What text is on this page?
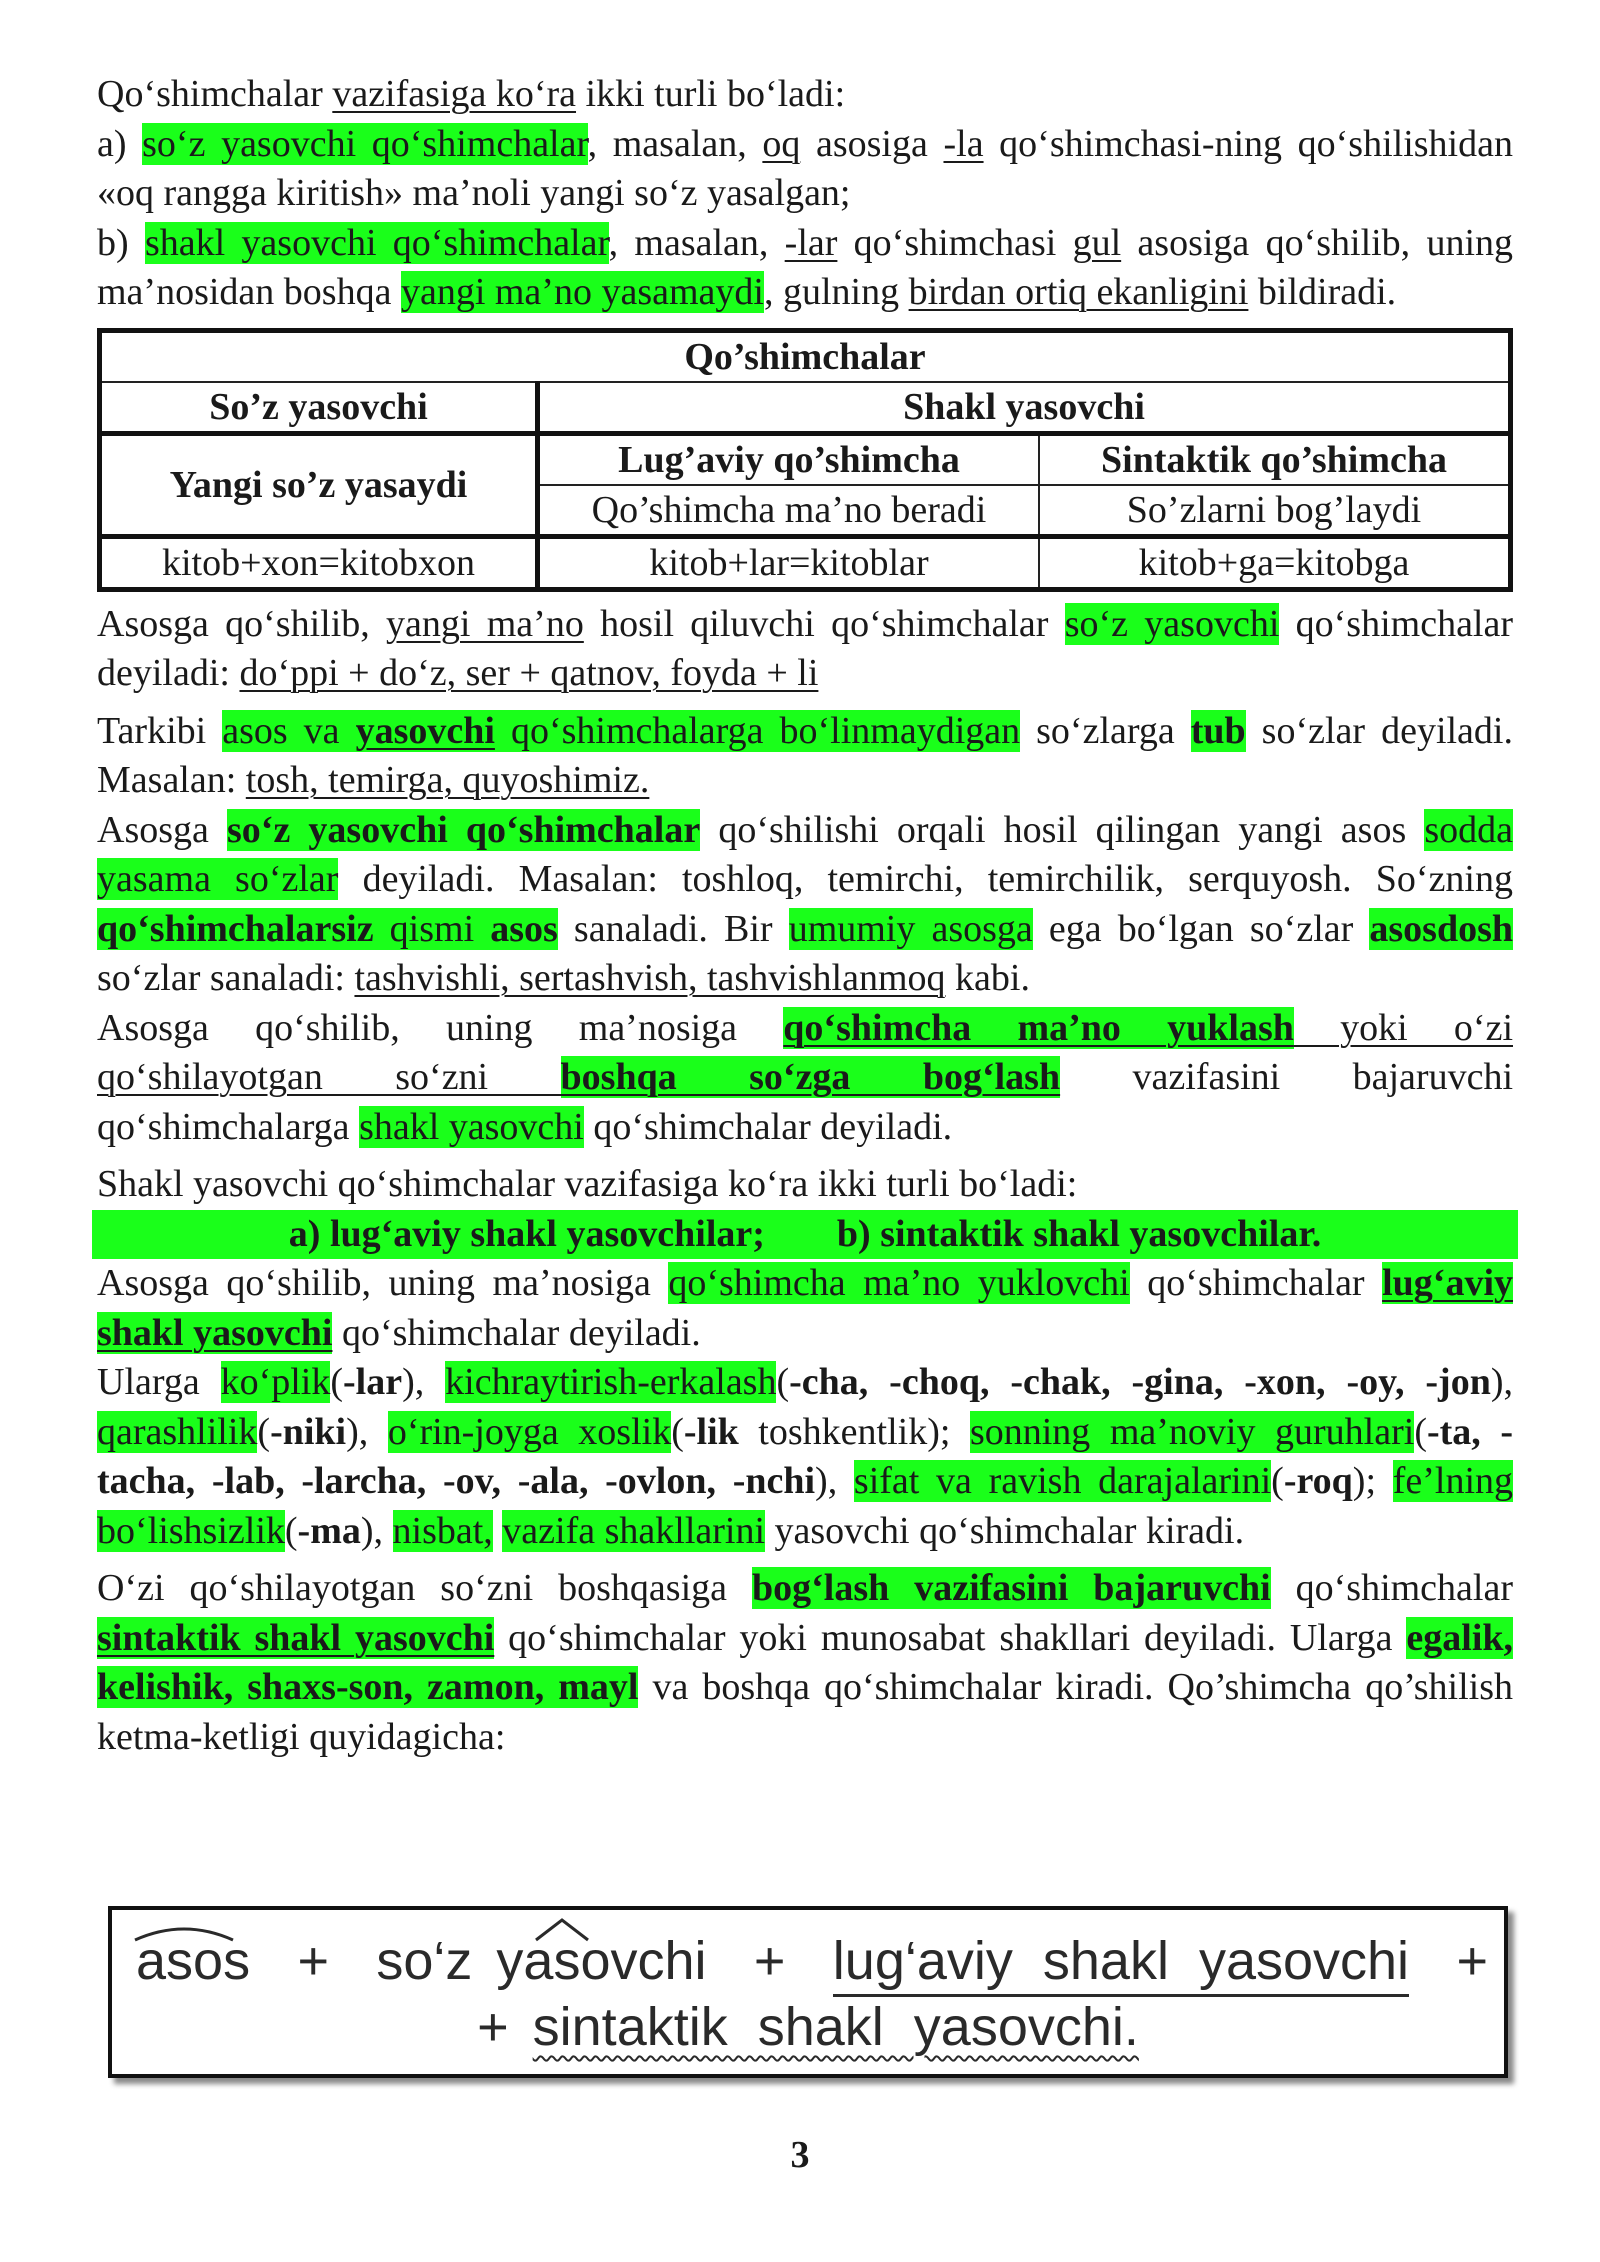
Qo‘shimchalar vazifasiga ko‘ra ikki turli bo‘ladi:
a) so‘z yasovchi qo‘shimchalar, masalan, oq asosiga -la qo‘shimchasi-ning qo‘shilishidan «oq rangga kiritish» ma’noli yangi so‘z yasalgan;
b) shakl yasovchi qo‘shimchalar, masalan, -lar qo‘shimchasi gul asosiga qo‘shilib, uning ma’nosidan boshqa yangi ma’no yasamaydi, gulning birdan ortiq ekanligini bildiradi.

Qo’shimchalar		
So’z yasovchi	Shakl yasovchi	
Yangi so’z yasaydi	Lug’aviy qo’shimcha	Sintaktik qo’shimcha
	Qo’shimcha ma’no beradi	So’zlarni bog’laydi
kitob+xon=kitobxon	kitob+lar=kitoblar	kitob+ga=kitobga

Asosga qo‘shilib, yangi ma’no hosil qiluvchi qo‘shimchalar so‘z yasovchi qo‘shimchalar deyiladi: do‘ppi + do‘z, ser + qatnov, foyda + li

Tarkibi asos va yasovchi qo‘shimchalarga bo‘linmaydigan so‘zlarga tub so‘zlar deyiladi. Masalan: tosh, temirga, quyoshimiz.

Asosga so‘z yasovchi qo‘shimchalar qo‘shilishi orqali hosil qilingan yangi asos sodda yasama so‘zlar deyiladi. Masalan: toshloq, temirchi, temirchilik, serquyosh. So‘zning qo‘shimchalarsiz qismi asos sanaladi. Bir umumiy asosga ega bo‘lgan so‘zlar asosdosh so‘zlar sanaladi: tashvishli, sertashvish, tashvishlanmoq kabi.

Asosga qo‘shilib, uning ma’nosiga qo‘shimcha ma’no yuklash yoki o‘zi

qo‘shilayotgan so‘zni boshqa so‘zga bog‘lash vazifasini bajaruvchi

qo‘shimchalarga shakl yasovchi qo‘shimchalar deyiladi.

Shakl yasovchi qo‘shimchalar vazifasiga ko‘ra ikki turli bo‘ladi:

a) lug‘aviy shakl yasovchilar; b) sintaktik shakl yasovchilar.

Asosga qo‘shilib, uning ma’nosiga qo‘shimcha ma’no yuklovchi qo‘shimchalar lug‘aviy shakl yasovchi qo‘shimchalar deyiladi.

Ularga ko‘plik(-lar), kichraytirish-erkalash(-cha, -choq, -chak, -gina, -xon, -oy, -jon), qarashlilik(-niki), o‘rin-joyga xoslik(-lik toshkentlik); sonning ma’noviy guruhlari(-ta, -tacha, -lab, -larcha, -ov, -ala, -ovlon, -nchi), sifat va ravish darajalarini(-roq); fe’lning bo‘lishsizlik(-ma), nisbat, vazifa shakllarini yasovchi qo‘shimchalar kiradi.

O‘zi qo‘shilayotgan so‘zni boshqasiga bog‘lash vazifasini bajaruvchi qo‘shimchalar sintaktik shakl yasovchi qo‘shimchalar yoki munosabat shakllari deyiladi. Ularga egalik, kelishik, shaxs-son, zamon, mayl va boshqa qo‘shimchalar kiradi. Qo’shimcha qo’shilish ketma-ketligi quyidagicha:

asos + so‘z yasovchi + lug‘aviy  shakl  yasovchi +
+ sintaktik  shakl  yasovchi.
3
